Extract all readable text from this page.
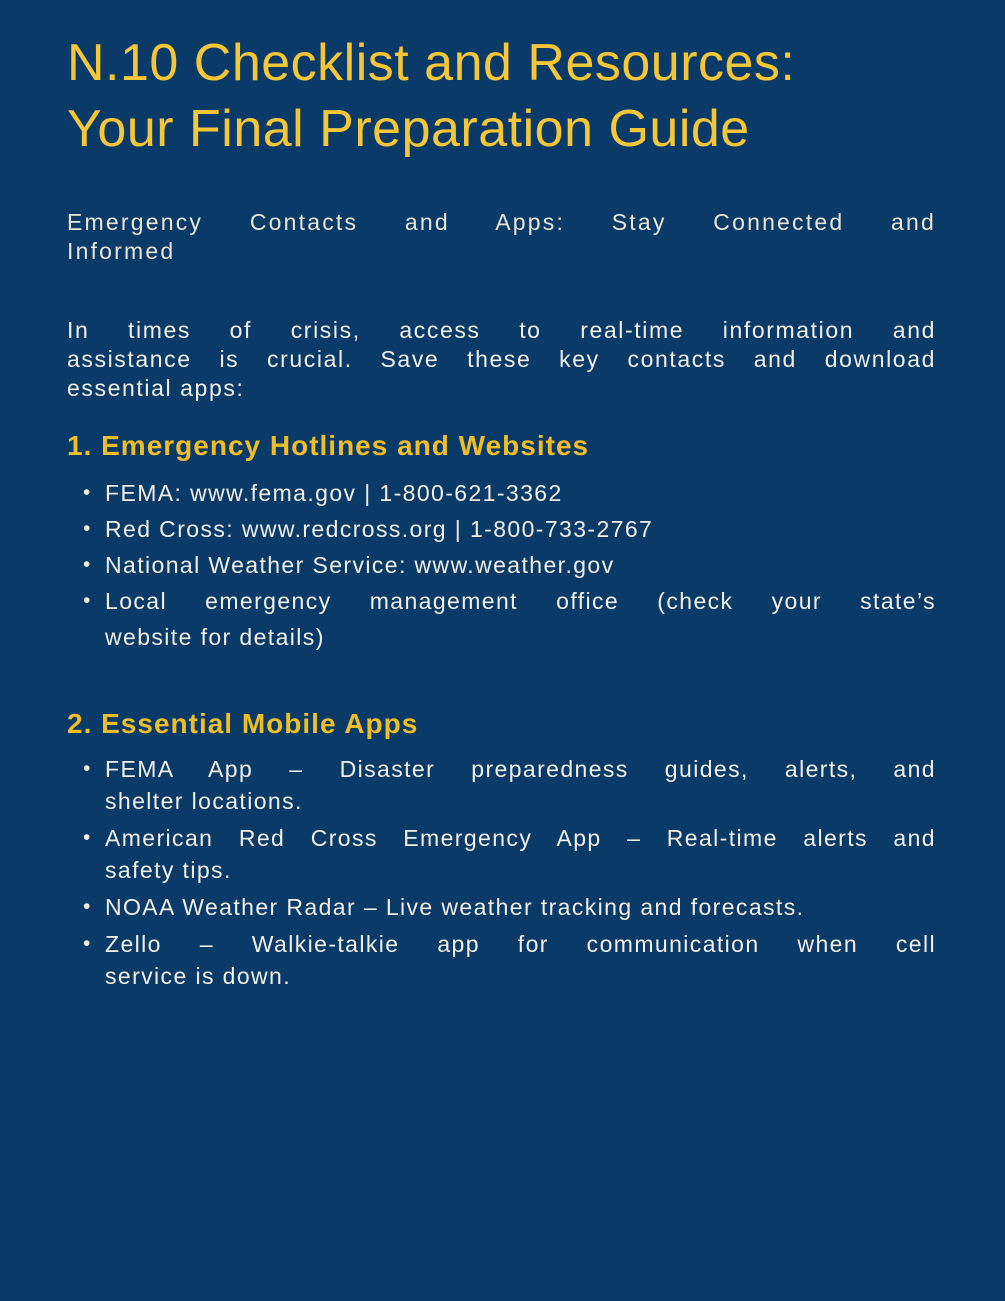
N.10 Checklist and Resources:
Your Final Preparation Guide

Emergency Contacts and Apps: Stay Connected and
Informed

In times of crisis, access to real-time information and
assistance is crucial. Save these key contacts and download
essential apps:

1. Emergency Hotlines and Websites
• FEMA: www.fema.gov | 1-800-621-3362
• Red Cross: www.redcross.org | 1-800-733-2767
• National Weather Service: www.weather.gov
• Local emergency management office (check your state’s
website for details)
2. Essential Mobile Apps
• FEMA App – Disaster preparedness guides, alerts, and
shelter locations.
• American Red Cross Emergency App – Real-time alerts and
safety tips.
• NOAA Weather Radar – Live weather tracking and forecasts.
• Zello – Walkie-talkie app for communication when cell
service is down.
